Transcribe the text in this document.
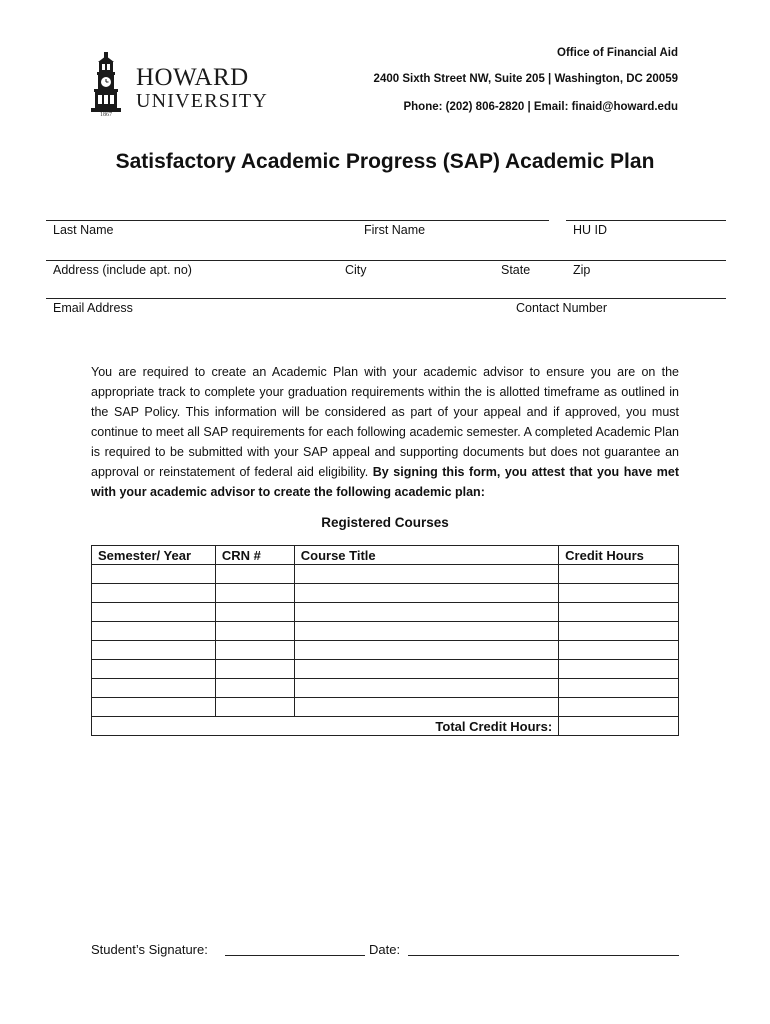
HOWARD
UNIVERSITY
1867
Office of Financial Aid
2400 Sixth Street NW, Suite 205 | Washington, DC 20059
Phone: (202) 806-2820 | Email: finaid@howard.edu
Satisfactory Academic Progress (SAP) Academic Plan
Last Name	First Name	HU ID
Address (include apt. no)	City	State	Zip
Email Address	Contact Number

You are required to create an Academic Plan with your academic advisor to ensure you are on the appropriate track to complete your graduation requirements within the is allotted timeframe as outlined in the SAP Policy. This information will be considered as part of your appeal and if approved, you must continue to meet all SAP requirements for each following academic semester. A completed Academic Plan is required to be submitted with your SAP appeal and supporting documents but does not guarantee an approval or reinstatement of federal aid eligibility. By signing this form, you attest that you have met with your academic advisor to create the following academic plan:

Registered Courses
Semester/ Year	CRN #	Course Title	Credit Hours

		Total Credit Hours:	
Student’s Signature:	Date:
